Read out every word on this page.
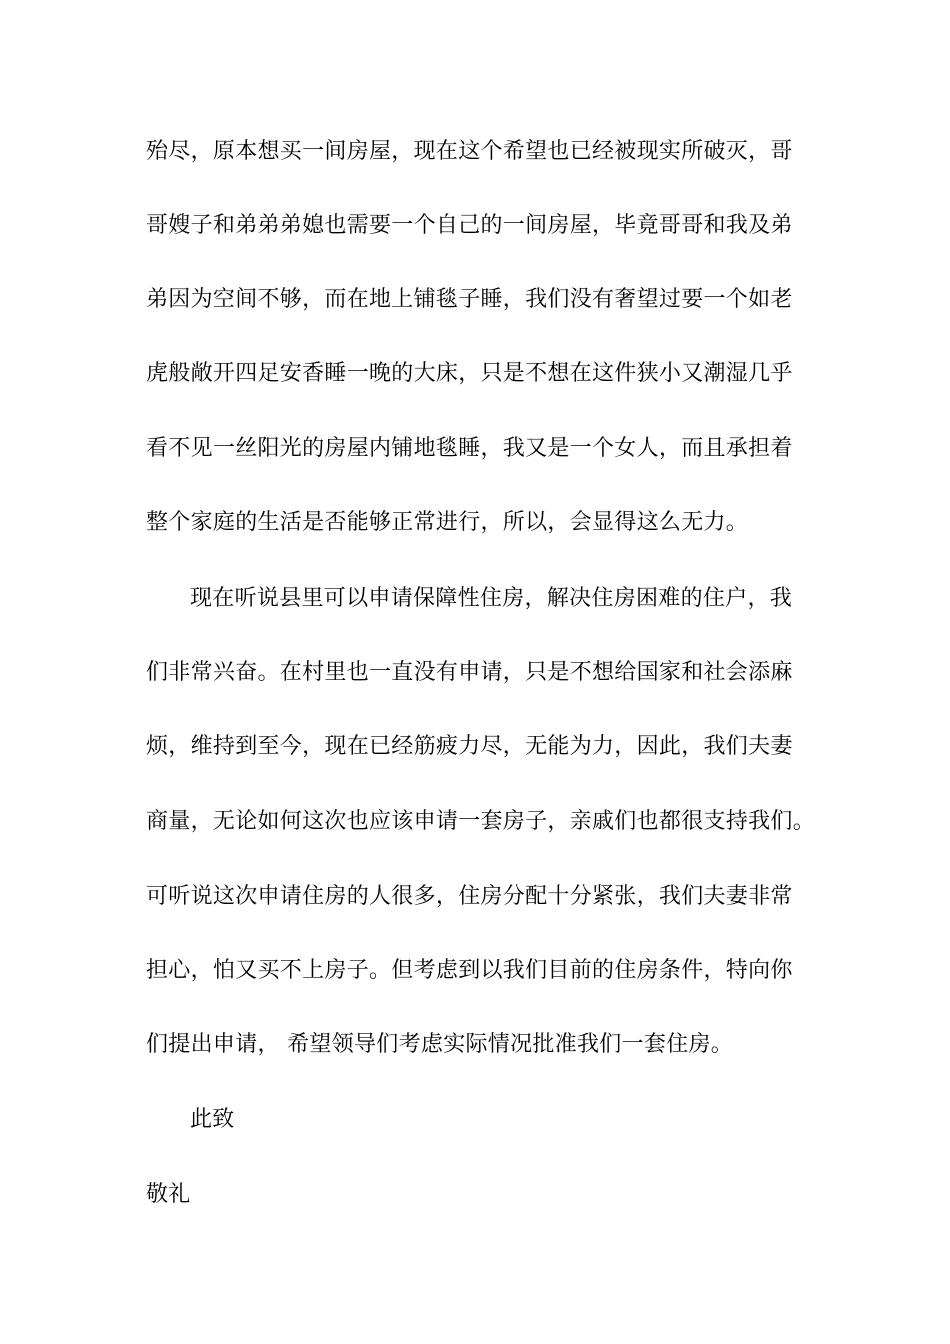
殆尽，原本想买一间房屋，现在这个希望也已经被现实所破灭，哥

哥嫂子和弟弟弟媳也需要一个自己的一间房屋，毕竟哥哥和我及弟

弟因为空间不够，而在地上铺毯子睡，我们没有奢望过要一个如老

虎般敞开四足安香睡一晚的大床，只是不想在这件狭小又潮湿几乎

看不见一丝阳光的房屋内铺地毯睡，我又是一个女人，而且承担着

整个家庭的生活是否能够正常进行，所以，会显得这么无力。

现在听说县里可以申请保障性住房，解决住房困难的住户，我

们非常兴奋。在村里也一直没有申请，只是不想给国家和社会添麻

烦，维持到至今，现在已经筋疲力尽，无能为力，因此，我们夫妻

商量，无论如何这次也应该申请一套房子，亲戚们也都很支持我们。

可听说这次申请住房的人很多，住房分配十分紧张，我们夫妻非常

担心，怕又买不上房子。但考虑到以我们目前的住房条件，特向你

们提出申请， 希望领导们考虑实际情况批准我们一套住房。

此致

敬礼
